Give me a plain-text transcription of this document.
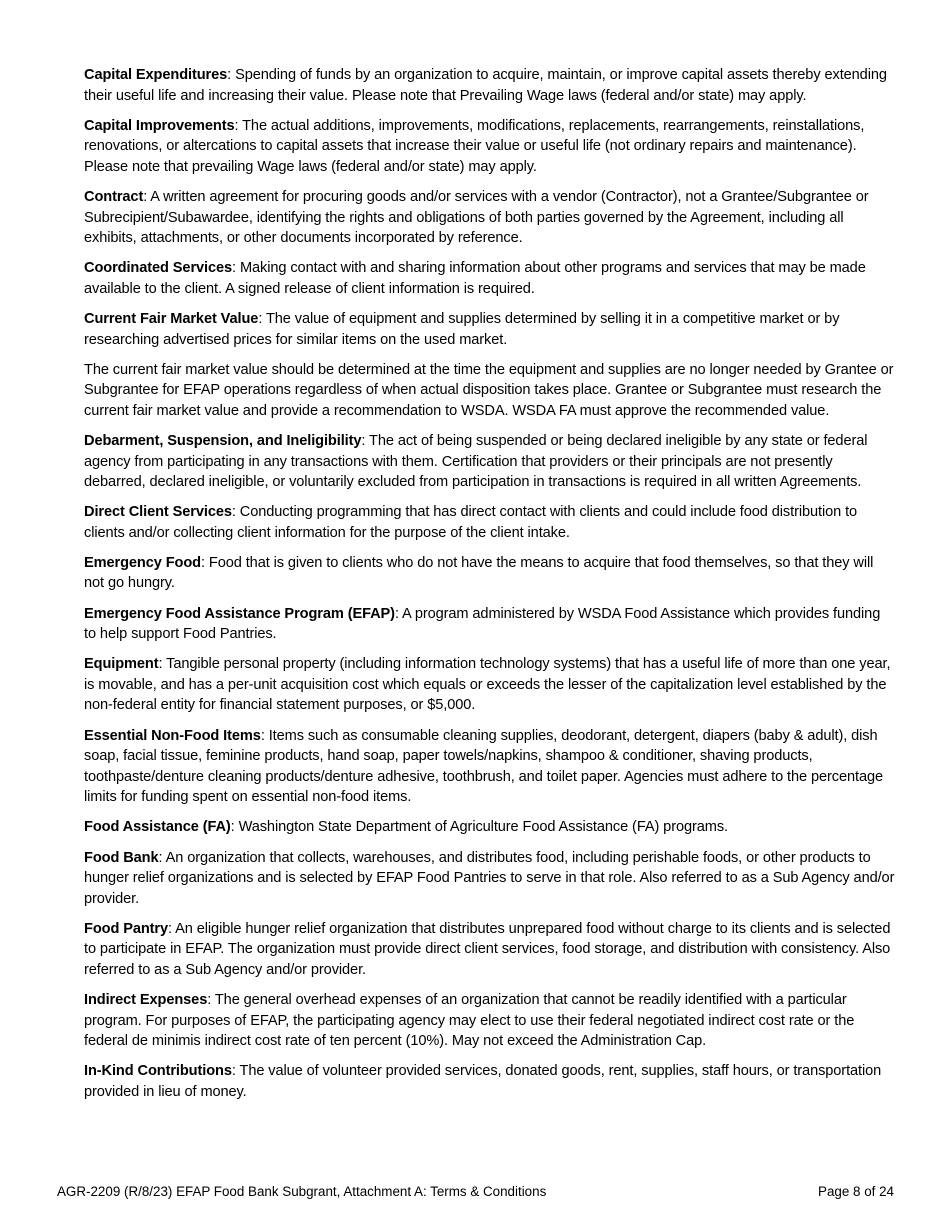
Capital Expenditures: Spending of funds by an organization to acquire, maintain, or improve capital assets thereby extending their useful life and increasing their value. Please note that Prevailing Wage laws (federal and/or state) may apply.

Capital Improvements: The actual additions, improvements, modifications, replacements, rearrangements, reinstallations, renovations, or altercations to capital assets that increase their value or useful life (not ordinary repairs and maintenance). Please note that prevailing Wage laws (federal and/or state) may apply.

Contract: A written agreement for procuring goods and/or services with a vendor (Contractor), not a Grantee/Subgrantee or Subrecipient/Subawardee, identifying the rights and obligations of both parties governed by the Agreement, including all exhibits, attachments, or other documents incorporated by reference.

Coordinated Services: Making contact with and sharing information about other programs and services that may be made available to the client. A signed release of client information is required.

Current Fair Market Value: The value of equipment and supplies determined by selling it in a competitive market or by researching advertised prices for similar items on the used market.

The current fair market value should be determined at the time the equipment and supplies are no longer needed by Grantee or Subgrantee for EFAP operations regardless of when actual disposition takes place. Grantee or Subgrantee must research the current fair market value and provide a recommendation to WSDA. WSDA FA must approve the recommended value.

Debarment, Suspension, and Ineligibility: The act of being suspended or being declared ineligible by any state or federal agency from participating in any transactions with them. Certification that providers or their principals are not presently debarred, declared ineligible, or voluntarily excluded from participation in transactions is required in all written Agreements.

Direct Client Services: Conducting programming that has direct contact with clients and could include food distribution to clients and/or collecting client information for the purpose of the client intake.

Emergency Food: Food that is given to clients who do not have the means to acquire that food themselves, so that they will not go hungry.

Emergency Food Assistance Program (EFAP): A program administered by WSDA Food Assistance which provides funding to help support Food Pantries.

Equipment: Tangible personal property (including information technology systems) that has a useful life of more than one year, is movable, and has a per-unit acquisition cost which equals or exceeds the lesser of the capitalization level established by the non-federal entity for financial statement purposes, or $5,000.

Essential Non-Food Items: Items such as consumable cleaning supplies, deodorant, detergent, diapers (baby & adult), dish soap, facial tissue, feminine products, hand soap, paper towels/napkins, shampoo & conditioner, shaving products, toothpaste/denture cleaning products/denture adhesive, toothbrush, and toilet paper. Agencies must adhere to the percentage limits for funding spent on essential non-food items.

Food Assistance (FA): Washington State Department of Agriculture Food Assistance (FA) programs.

Food Bank: An organization that collects, warehouses, and distributes food, including perishable foods, or other products to hunger relief organizations and is selected by EFAP Food Pantries to serve in that role. Also referred to as a Sub Agency and/or provider.

Food Pantry: An eligible hunger relief organization that distributes unprepared food without charge to its clients and is selected to participate in EFAP. The organization must provide direct client services, food storage, and distribution with consistency. Also referred to as a Sub Agency and/or provider.

Indirect Expenses: The general overhead expenses of an organization that cannot be readily identified with a particular program. For purposes of EFAP, the participating agency may elect to use their federal negotiated indirect cost rate or the federal de minimis indirect cost rate of ten percent (10%). May not exceed the Administration Cap.

In-Kind Contributions: The value of volunteer provided services, donated goods, rent, supplies, staff hours, or transportation provided in lieu of money.

AGR-2209 (R/8/23) EFAP Food Bank Subgrant, Attachment A: Terms & Conditions	Page 8 of 24
